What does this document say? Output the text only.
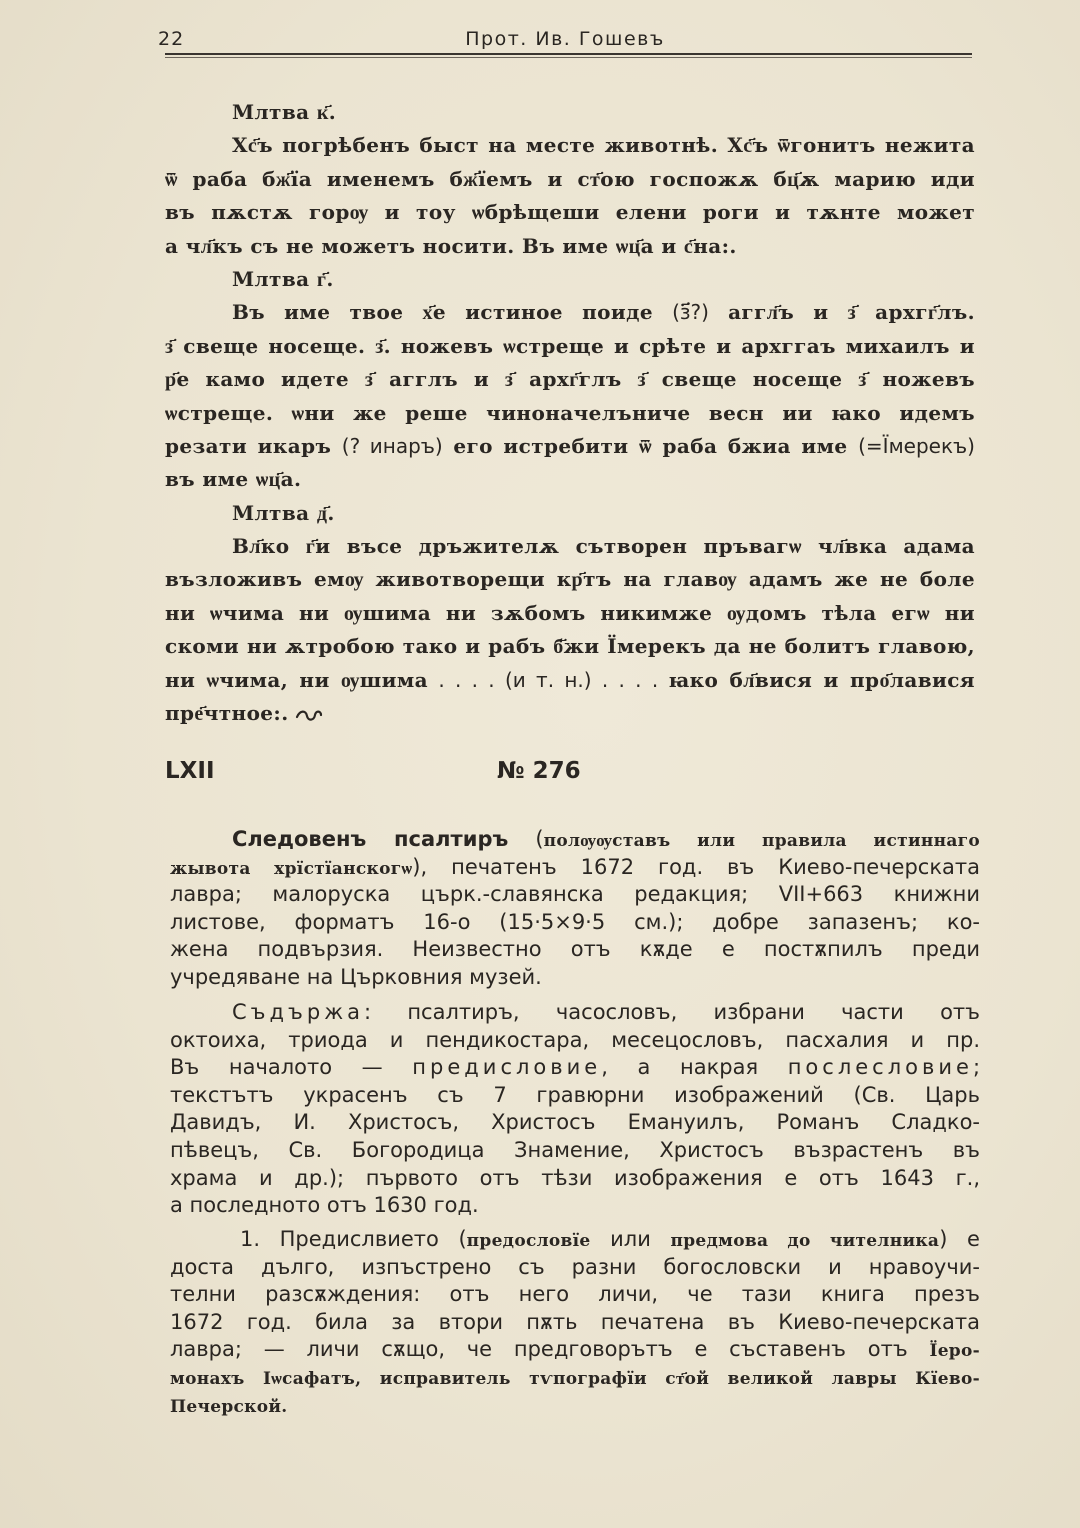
22	Прот. Ив. Гошевъ
Млтва к҃.
Хс҃ъ погрѣбенъ быст на месте животнѣ. Хс҃ъ ѿгонитъ нежита
ѿ раба бж҃їа именемъ бж҃їемъ и ст҃ою госпожѫ бц҃ѫ марию иди
въ пѫстѫ горѹ и тоу ѡбрѣщеши елени роги и тѫнте может
а чл҃къ съ не можетъ носити. Въ име ѡц҃а и с҃на:.
Млтва г҃.
Въ име твое х҃е истиное поиде (з҃?) аггл҃ъ и з҃ архгг҃лъ.
з҃ свеще носеще. з҃. ножевъ ѡстреще и срѣте и архггаъ михаилъ и
р҃е камо идете з҃ агглъ и з҃ архг҃глъ з҃ свеще носеще з҃ ножевъ
ѡстреще. ѡни же реше чиноначелъниче весн ии ꙗко идемъ
резати икаръ (? инаръ) его истребити ѿ раба бжиа име (=Їмерекъ)
въ име ѡц҃а.
Млтва д҃.
Вл҃ко г҃и въсе дръжителѫ сътворен пръвагѡ чл҃вка адама
възложивъ емѹ животворещи кр҃тъ на главѹ адамъ же не боле
ни ѡчима ни ѹшима ни зѫбомъ никимже ѹдомъ тѣла егѡ ни
скоми ни ѫтробою тако и рабъ б҃жи Їмерекъ да не болитъ главою,
ни ѡчима, ни ѹшима . . . . (и т. н.) . . . . ꙗко бл҃вися и про҃лавися
пре҃чтное:.
LXII	№ 276
Следовенъ псалтиръ (полѹѹставъ или правила истиннаго
жывота хрїстїанскогѡ), печатенъ 1672 год. въ Киево-печерската
лавра; малоруска църк.-славянска редакция; VII+663 книжни
листове, форматъ 16-о (15·5×9·5 см.); добре запазенъ; ко-
жена подвързия. Неизвестно отъ кѫде е постѫпилъ преди
учредяване на Църковния музей.
Съдържа: псалтиръ, часословъ, избрани части отъ
октоиха, триода и пендикостара, месецословъ, пасхалия и пр.
Въ началото — предисловие, а накрая послесловие;
текстътъ украсенъ съ 7 гравюрни изображений (Св. Царь
Давидъ, И. Христосъ, Христосъ Емануилъ, Романъ Сладко-
пѣвецъ, Св. Богородица Знамение, Христосъ възрастенъ въ
храма и др.); първото отъ тѣзи изображения е отъ 1643 г.,
а последното отъ 1630 год.
1. Предислвието (предословїе или предмова до чителника) е
доста дълго, изпъстрено съ разни богословски и нравоучи-
телни разсѫждения: отъ него личи, че тази книга презъ
1672 год. била за втори пѫть печатена въ Киево-печерската
лавра; — личи сѫщо, че предговорътъ е съставенъ отъ Їеро-
монахъ Іѡсафатъ, исправитель тѵпографїи ст҃ой великой лавры Кїево-
Печерской.
